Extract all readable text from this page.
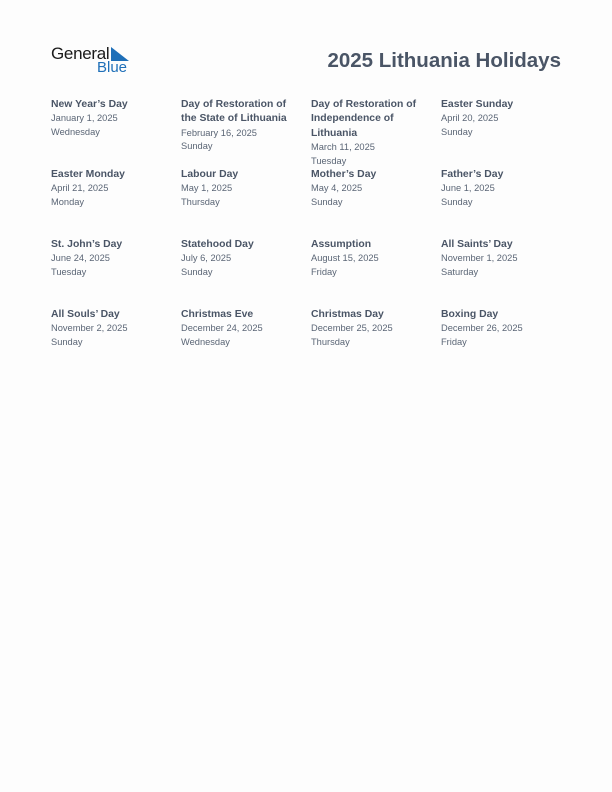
General
Blue	2025 Lithuania Holidays
New Year’s Day
January 1, 2025
Wednesday
Day of Restoration of the State of Lithuania
February 16, 2025
Sunday
Day of Restoration of Independence of Lithuania
March 11, 2025
Tuesday
Easter Sunday
April 20, 2025
Sunday
Easter Monday
April 21, 2025
Monday
Labour Day
May 1, 2025
Thursday
Mother’s Day
May 4, 2025
Sunday
Father’s Day
June 1, 2025
Sunday
St. John’s Day
June 24, 2025
Tuesday
Statehood Day
July 6, 2025
Sunday
Assumption
August 15, 2025
Friday
All Saints’ Day
November 1, 2025
Saturday
All Souls’ Day
November 2, 2025
Sunday
Christmas Eve
December 24, 2025
Wednesday
Christmas Day
December 25, 2025
Thursday
Boxing Day
December 26, 2025
Friday
